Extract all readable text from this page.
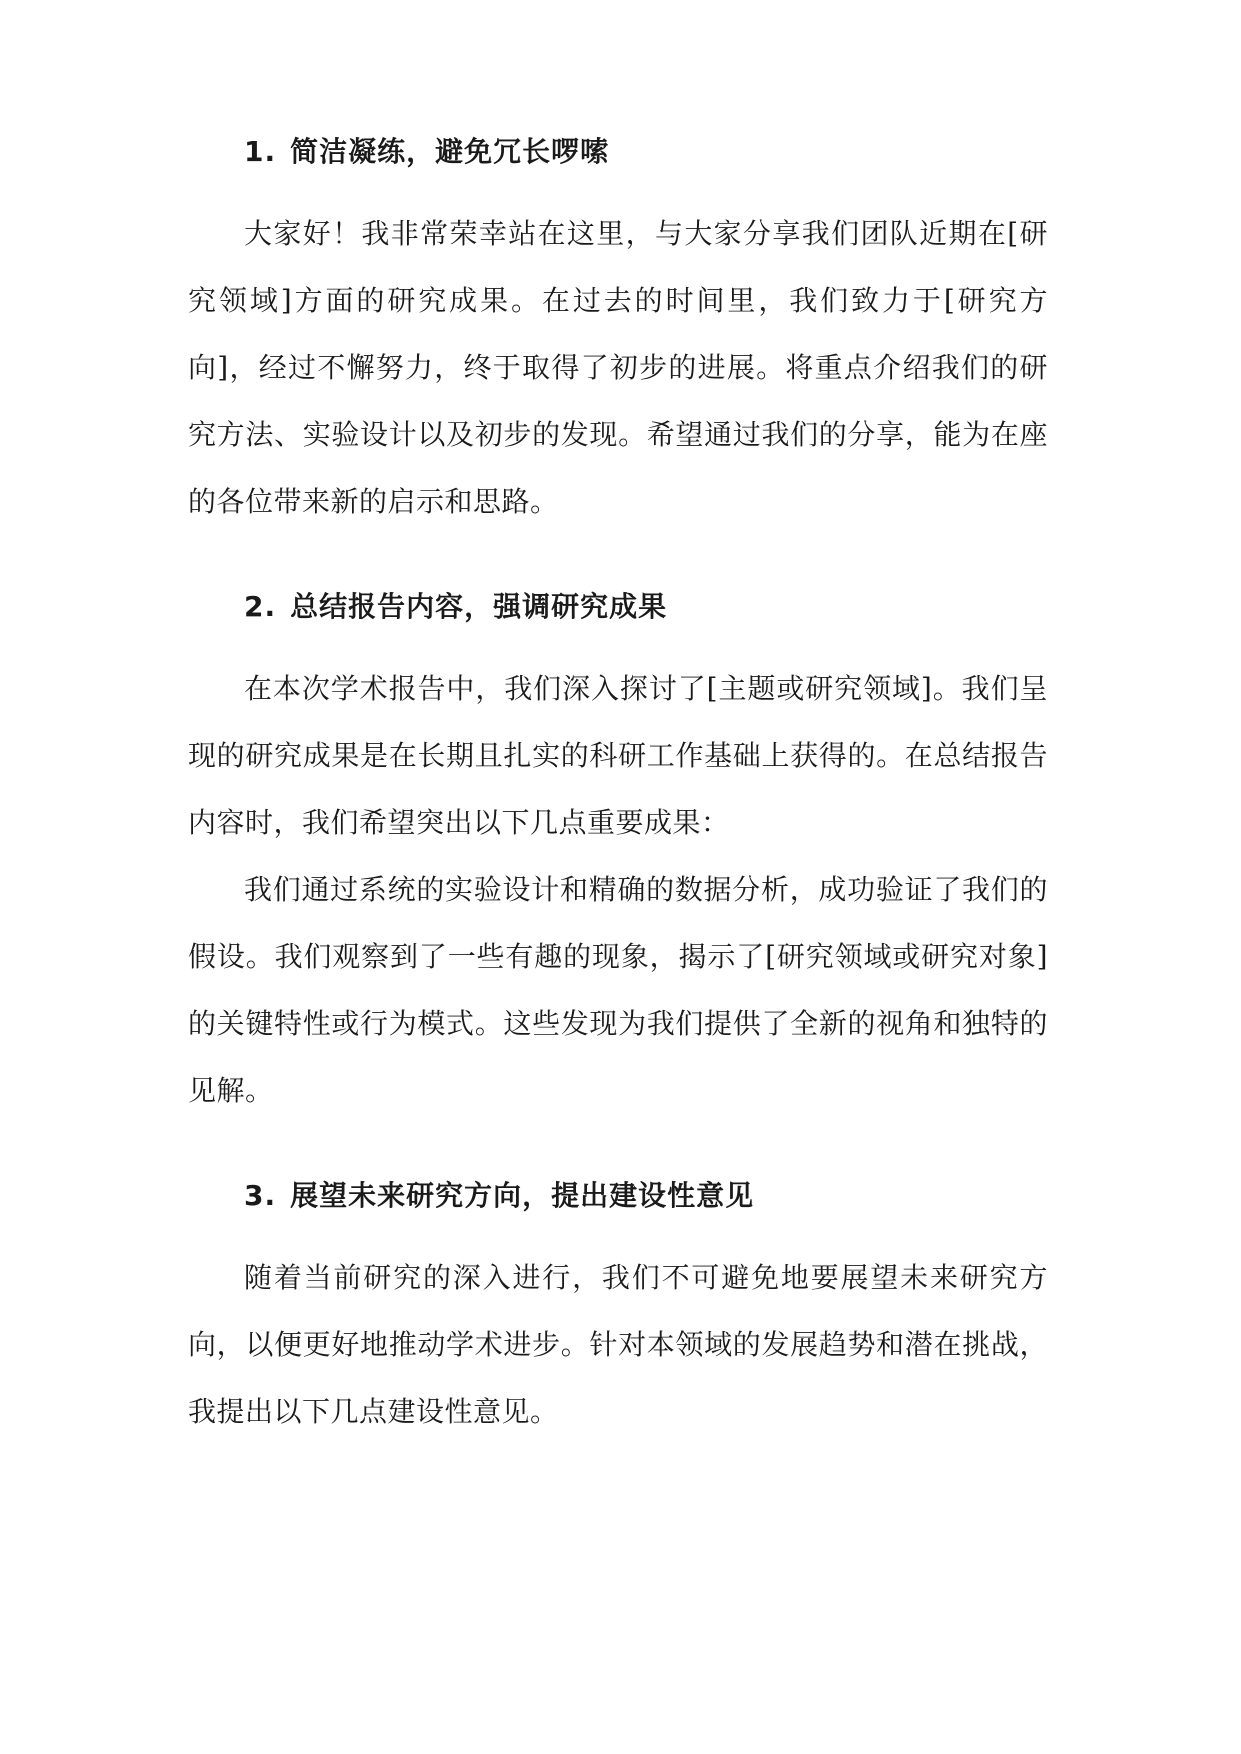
1. 简洁凝练，避免冗长啰嗦

大家好！我非常荣幸站在这里，与大家分享我们团队近期在[研究领域]方面的研究成果。在过去的时间里，我们致力于[研究方向]，经过不懈努力，终于取得了初步的进展。将重点介绍我们的研究方法、实验设计以及初步的发现。希望通过我们的分享，能为在座的各位带来新的启示和思路。

2. 总结报告内容，强调研究成果

在本次学术报告中，我们深入探讨了[主题或研究领域]。我们呈现的研究成果是在长期且扎实的科研工作基础上获得的。在总结报告内容时，我们希望突出以下几点重要成果：

我们通过系统的实验设计和精确的数据分析，成功验证了我们的假设。我们观察到了一些有趣的现象，揭示了[研究领域或研究对象]的关键特性或行为模式。这些发现为我们提供了全新的视角和独特的见解。

3. 展望未来研究方向，提出建设性意见

随着当前研究的深入进行，我们不可避免地要展望未来研究方向，以便更好地推动学术进步。针对本领域的发展趋势和潜在挑战，我提出以下几点建设性意见。
